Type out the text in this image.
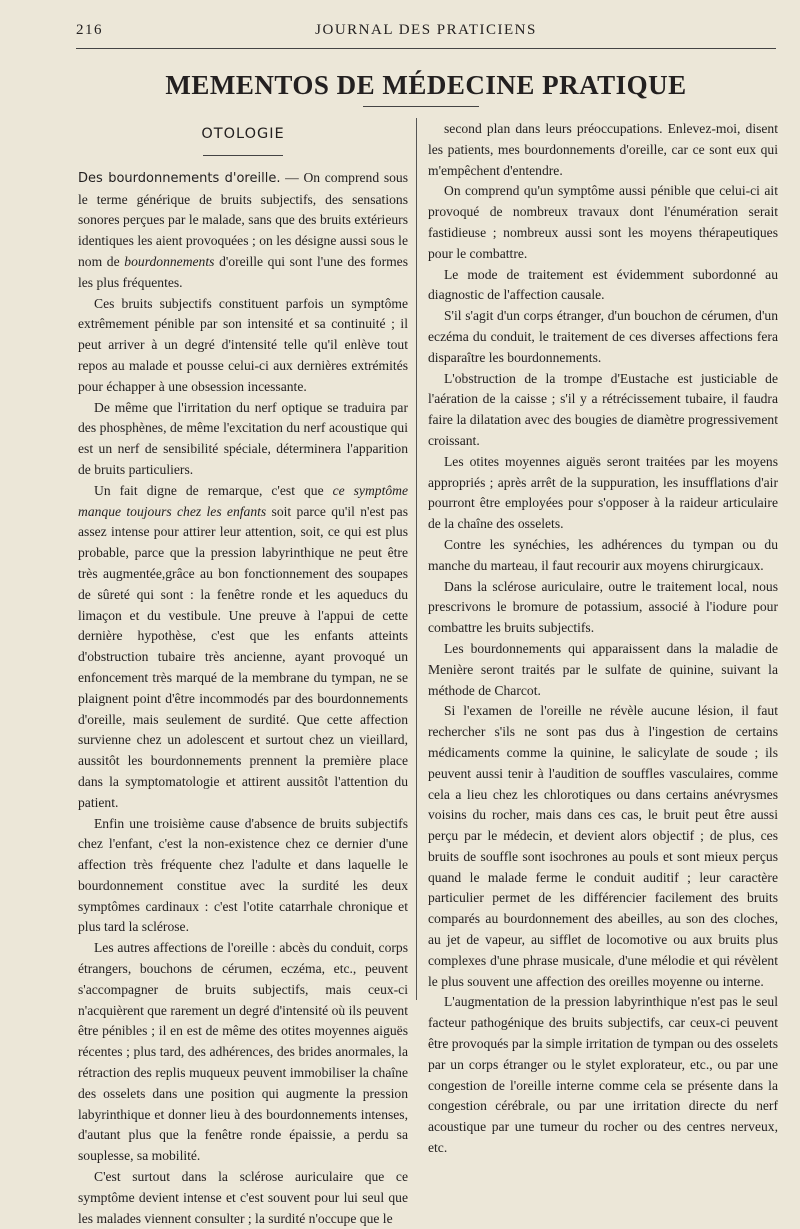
216	JOURNAL DES PRATICIENS
MEMENTOS DE MÉDECINE PRATIQUE
OTOLOGIE

Des bourdonnements d'oreille. — On comprend sous le terme générique de bruits subjectifs, des sensations sonores perçues par le malade, sans que des bruits extérieurs identiques les aient provoquées ; on les désigne aussi sous le nom de bourdonnements d'oreille qui sont l'une des formes les plus fréquentes.

Ces bruits subjectifs constituent parfois un symptôme extrêmement pénible par son intensité et sa continuité ; il peut arriver à un degré d'intensité telle qu'il enlève tout repos au malade et pousse celui-ci aux dernières extrémités pour échapper à une obsession incessante.

De même que l'irritation du nerf optique se traduira par des phosphènes, de même l'excitation du nerf acoustique qui est un nerf de sensibilité spéciale, déterminera l'apparition de bruits particuliers.

Un fait digne de remarque, c'est que ce symptôme manque toujours chez les enfants soit parce qu'il n'est pas assez intense pour attirer leur attention, soit, ce qui est plus probable, parce que la pression labyrinthique ne peut être très augmentée,grâce au bon fonctionnement des soupapes de sûreté qui sont : la fenêtre ronde et les aqueducs du limaçon et du vestibule. Une preuve à l'appui de cette dernière hypothèse, c'est que les enfants atteints d'obstruction tubaire très ancienne, ayant provoqué un enfoncement très marqué de la membrane du tympan, ne se plaignent point d'être incommodés par des bourdonnements d'oreille, mais seulement de surdité. Que cette affection survienne chez un adolescent et surtout chez un vieillard, aussitôt les bourdonnements prennent la première place dans la symptomatologie et attirent aussitôt l'attention du patient.

Enfin une troisième cause d'absence de bruits subjectifs chez l'enfant, c'est la non-existence chez ce dernier d'une affection très fréquente chez l'adulte et dans laquelle le bourdonnement constitue avec la surdité les deux symptômes cardinaux : c'est l'otite catarrhale chronique et plus tard la sclérose.

Les autres affections de l'oreille : abcès du conduit, corps étrangers, bouchons de cérumen, eczéma, etc., peuvent s'accompagner de bruits subjectifs, mais ceux-ci n'acquièrent que rarement un degré d'intensité où ils peuvent être pénibles ; il en est de même des otites moyennes aiguës récentes ; plus tard, des adhérences, des brides anormales, la rétraction des replis muqueux peuvent immobiliser la chaîne des osselets dans une position qui augmente la pression labyrinthique et donner lieu à des bourdonnements intenses, d'autant plus que la fenêtre ronde épaissie, a perdu sa souplesse, sa mobilité.

C'est surtout dans la sclérose auriculaire que ce symptôme devient intense et c'est souvent pour lui seul que les malades viennent consulter ; la surdité n'occupe que le

second plan dans leurs préoccupations. Enlevez-moi, disent les patients, mes bourdonnements d'oreille, car ce sont eux qui m'empêchent d'entendre.

On comprend qu'un symptôme aussi pénible que celui-ci ait provoqué de nombreux travaux dont l'énumération serait fastidieuse ; nombreux aussi sont les moyens thérapeutiques pour le combattre.

Le mode de traitement est évidemment subordonné au diagnostic de l'affection causale.

S'il s'agit d'un corps étranger, d'un bouchon de cérumen, d'un eczéma du conduit, le traitement de ces diverses affections fera disparaître les bourdonnements.

L'obstruction de la trompe d'Eustache est justiciable de l'aération de la caisse ; s'il y a rétrécissement tubaire, il faudra faire la dilatation avec des bougies de diamètre progressivement croissant.

Les otites moyennes aiguës seront traitées par les moyens appropriés ; après arrêt de la suppuration, les insufflations d'air pourront être employées pour s'opposer à la raideur articulaire de la chaîne des osselets.

Contre les synéchies, les adhérences du tympan ou du manche du marteau, il faut recourir aux moyens chirurgicaux.

Dans la sclérose auriculaire, outre le traitement local, nous prescrivons le bromure de potassium, associé à l'iodure pour combattre les bruits subjectifs.

Les bourdonnements qui apparaissent dans la maladie de Menière seront traités par le sulfate de quinine, suivant la méthode de Charcot.

Si l'examen de l'oreille ne révèle aucune lésion, il faut rechercher s'ils ne sont pas dus à l'ingestion de certains médicaments comme la quinine, le salicylate de soude ; ils peuvent aussi tenir à l'audition de souffles vasculaires, comme cela a lieu chez les chlorotiques ou dans certains anévrysmes voisins du rocher, mais dans ces cas, le bruit peut être aussi perçu par le médecin, et devient alors objectif ; de plus, ces bruits de souffle sont isochrones au pouls et sont mieux perçus quand le malade ferme le conduit auditif ; leur caractère particulier permet de les différencier facilement des bruits comparés au bourdonnement des abeilles, au son des cloches, au jet de vapeur, au sifflet de locomotive ou aux bruits plus complexes d'une phrase musicale, d'une mélodie et qui révèlent le plus souvent une affection des oreilles moyenne ou interne.

L'augmentation de la pression labyrinthique n'est pas le seul facteur pathogénique des bruits subjectifs, car ceux-ci peuvent être provoqués par la simple irritation de tympan ou des osselets par un corps étranger ou le stylet explorateur, etc., ou par une congestion de l'oreille interne comme cela se présente dans la congestion cérébrale, ou par une irritation directe du nerf acoustique par une tumeur du rocher ou des centres nerveux, etc.
